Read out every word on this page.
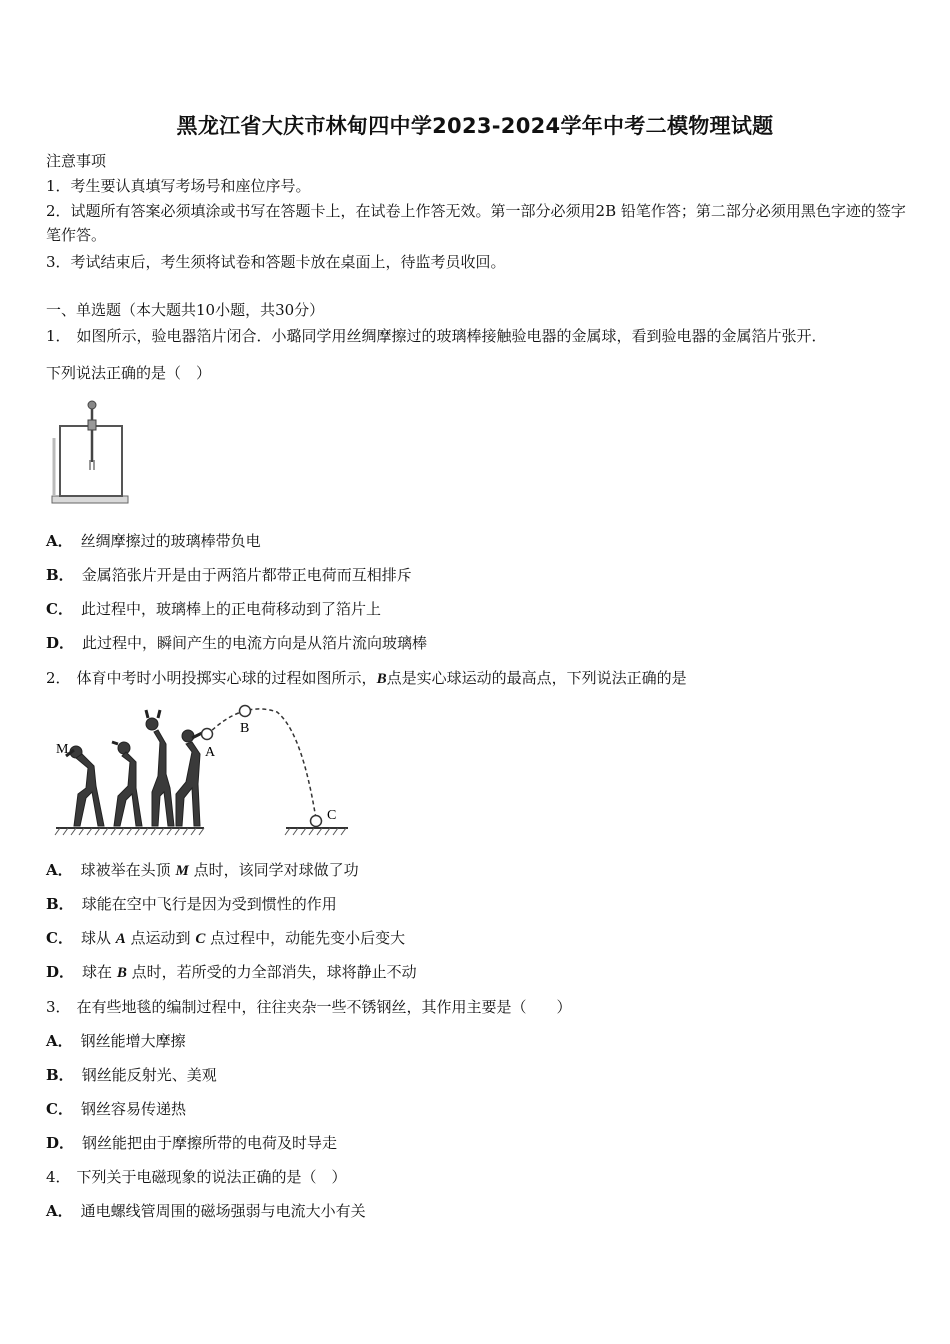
黑龙江省大庆市林甸四中学2023-2024学年中考二模物理试题
注意事项
1．考生要认真填写考场号和座位序号。
2．试题所有答案必须填涂或书写在答题卡上，在试卷上作答无效。第一部分必须用2B 铅笔作答；第二部分必须用黑色字迹的签字笔作答。
3．考试结束后，考生须将试卷和答题卡放在桌面上，待监考员收回。
一、单选题（本大题共10小题，共30分）
1． 如图所示，验电器箔片闭合．小璐同学用丝绸摩擦过的玻璃棒接触验电器的金属球，看到验电器的金属箔片张开．
下列说法正确的是（　）
A． 丝绸摩擦过的玻璃棒带负电
B． 金属箔张片开是由于两箔片都带正电荷而互相排斥
C． 此过程中，玻璃棒上的正电荷移动到了箔片上
D． 此过程中，瞬间产生的电流方向是从箔片流向玻璃棒
2． 体育中考时小明投掷实心球的过程如图所示，B点是实心球运动的最高点，下列说法正确的是
M	A
B
C
A． 球被举在头顶 M 点时，该同学对球做了功
B． 球能在空中飞行是因为受到惯性的作用
C． 球从 A 点运动到 C 点过程中，动能先变小后变大
D． 球在 B 点时，若所受的力全部消失，球将静止不动
3． 在有些地毯的编制过程中，往往夹杂一些不锈钢丝，其作用主要是（　　）
A． 钢丝能增大摩擦
B． 钢丝能反射光、美观
C． 钢丝容易传递热
D． 钢丝能把由于摩擦所带的电荷及时导走
4． 下列关于电磁现象的说法正确的是（　）
A． 通电螺线管周围的磁场强弱与电流大小有关
